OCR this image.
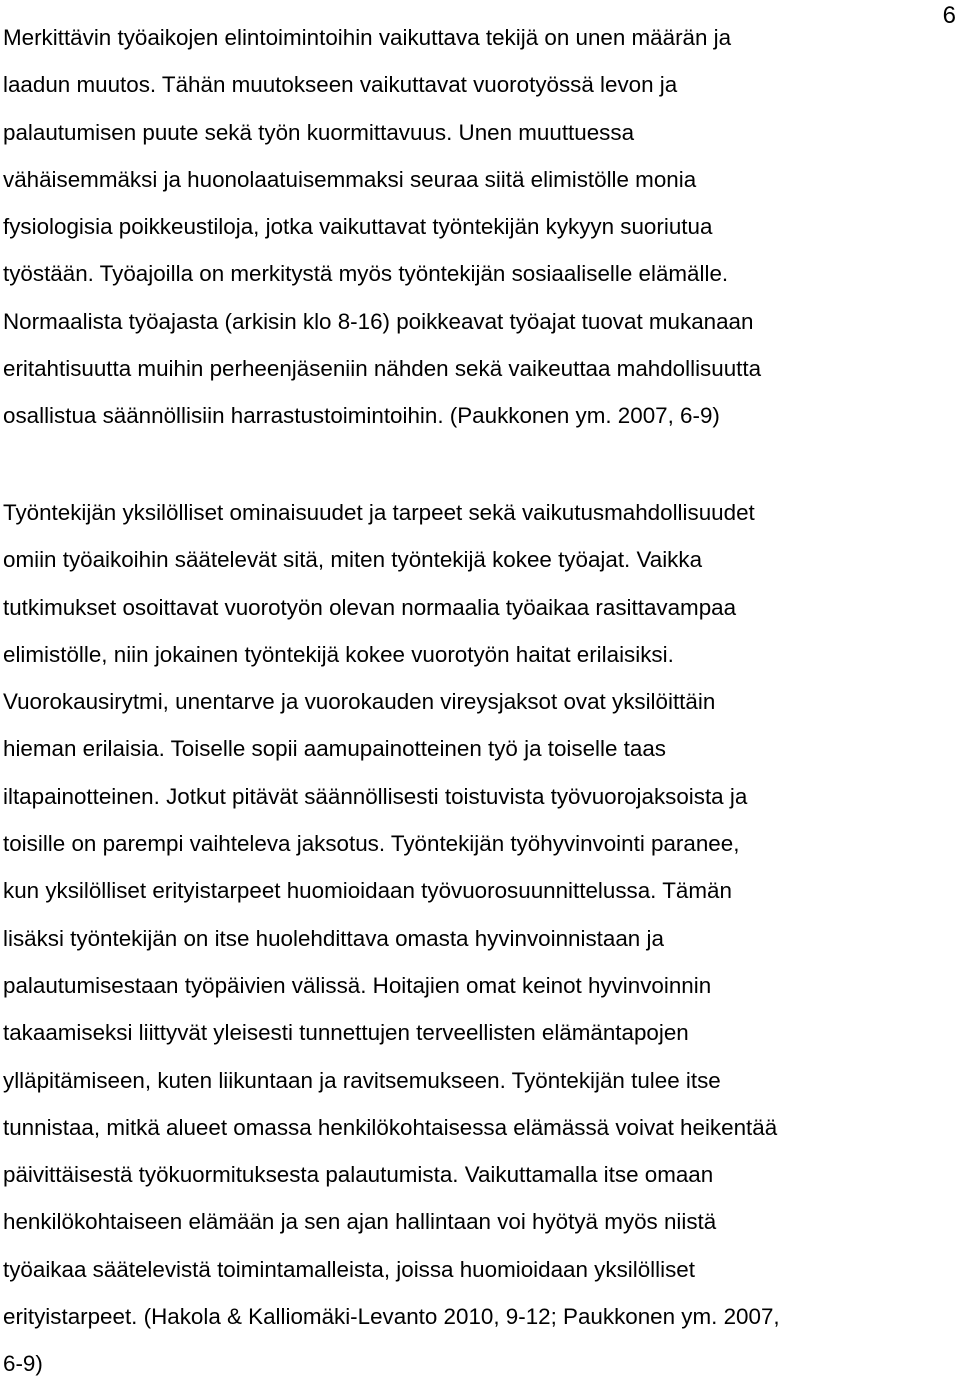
6
Merkittävin työaikojen elintoimintoihin vaikuttava tekijä on unen määrän ja
laadun muutos. Tähän muutokseen vaikuttavat vuorotyössä levon ja
palautumisen puute sekä työn kuormittavuus. Unen muuttuessa
vähäisemmäksi ja huonolaatuisemmaksi seuraa siitä elimistölle monia
fysiologisia poikkeustiloja, jotka vaikuttavat työntekijän kykyyn suoriutua
työstään. Työajoilla on merkitystä myös työntekijän sosiaaliselle elämälle.
Normaalista työajasta (arkisin klo 8-16) poikkeavat työajat tuovat mukanaan
eritahtisuutta muihin perheenjäseniin nähden sekä vaikeuttaa mahdollisuutta
osallistua säännöllisiin harrastustoimintoihin. (Paukkonen ym. 2007, 6-9)
Työntekijän yksilölliset ominaisuudet ja tarpeet sekä vaikutusmahdollisuudet
omiin työaikoihin säätelevät sitä, miten työntekijä kokee työajat. Vaikka
tutkimukset osoittavat vuorotyön olevan normaalia työaikaa rasittavampaa
elimistölle, niin jokainen työntekijä kokee vuorotyön haitat erilaisiksi.
Vuorokausirytmi, unentarve ja vuorokauden vireysjaksot ovat yksilöittäin
hieman erilaisia. Toiselle sopii aamupainotteinen työ ja toiselle taas
iltapainotteinen. Jotkut pitävät säännöllisesti toistuvista työvuorojaksoista ja
toisille on parempi vaihteleva jaksotus. Työntekijän työhyvinvointi paranee,
kun yksilölliset erityistarpeet huomioidaan työvuorosuunnittelussa. Tämän
lisäksi työntekijän on itse huolehdittava omasta hyvinvoinnistaan ja
palautumisestaan työpäivien välissä. Hoitajien omat keinot hyvinvoinnin
takaamiseksi liittyvät yleisesti tunnettujen terveellisten elämäntapojen
ylläpitämiseen, kuten liikuntaan ja ravitsemukseen. Työntekijän tulee itse
tunnistaa, mitkä alueet omassa henkilökohtaisessa elämässä voivat heikentää
päivittäisestä työkuormituksesta palautumista. Vaikuttamalla itse omaan
henkilökohtaiseen elämään ja sen ajan hallintaan voi hyötyä myös niistä
työaikaa säätelevistä toimintamalleista, joissa huomioidaan yksilölliset
erityistarpeet. (Hakola & Kalliomäki-Levanto 2010, 9-12; Paukkonen ym. 2007,
6-9)
